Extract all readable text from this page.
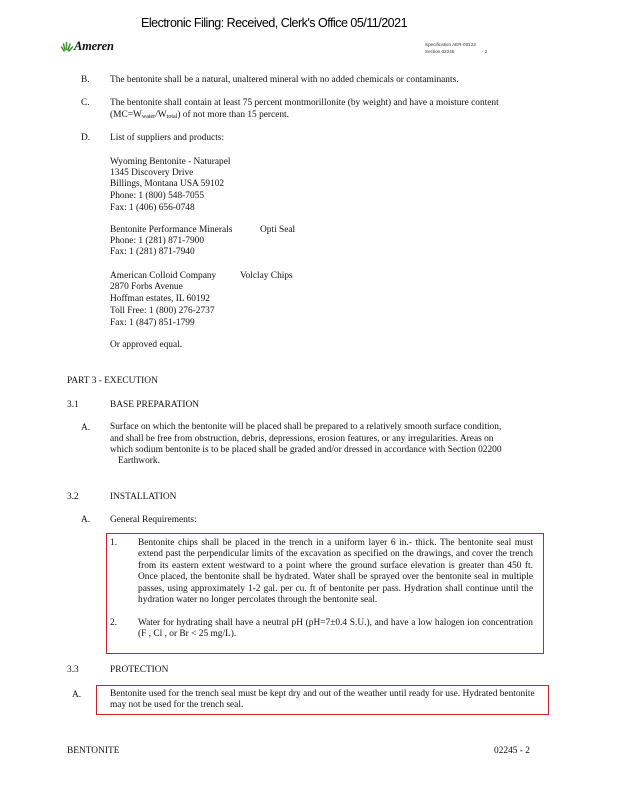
Electronic Filing: Received, Clerk's Office 05/11/2021
Ameren	Specification AER-00123
Section 02245	- 2
B. The bentonite shall be a natural, unaltered mineral with no added chemicals or contaminants.
C. The bentonite shall contain at least 75 percent montmorillonite (by weight) and have a moisture content
$(MC=W_{water}/W_{total})$ of not more than 15 percent.
D. List of suppliers and products:
Wyoming Bentonite - Naturapel
1345 Discovery Drive
Billings, Montana USA 59102
Phone: 1 (800) 548-7055
Fax: 1 (406) 656-0748
Bentonite Performance Minerals	Opti Seal
Phone: 1 (281) 871-7900
Fax: 1 (281) 871-7940
American Colloid Company	Volclay Chips
2870 Forbs Avenue
Hoffman estates, IL 60192
Toll Free: 1 (800) 276-2737
Fax: 1 (847) 851-1799
Or approved equal.
PART 3 - EXECUTION
3.1	BASE PREPARATION
A. Surface on which the bentonite will be placed shall be prepared to a relatively smooth surface condition,
and shall be free from obstruction, debris, depressions, erosion features, or any irregularities. Areas on
which sodium bentonite is to be placed shall be graded and/or dressed in accordance with Section 02200
Earthwork.
3.2	INSTALLATION
A. General Requirements:
1. Bentonite chips shall be placed in the trench in a uniform layer 6 in.- thick. The bentonite seal must extend past the perpendicular limits of the excavation as specified on the drawings, and cover the trench from its eastern extent westward to a point where the ground surface elevation is greater than 450 ft. Once placed, the bentonite shall be hydrated. Water shall be sprayed over the bentonite seal in multiple passes, using approximately 1-2 gal. per cu. ft of bentonite per pass. Hydration shall continue until the hydration water no longer percolates through the bentonite seal.
2. Water for hydrating shall have a neutral pH (pH=7±0.4 S.U.), and have a low halogen ion concentration (F , Cl , or Br < 25 mg/L).
3.3	PROTECTION
A.	Bentonite used for the trench seal must be kept dry and out of the weather until ready for use. Hydrated bentonite may not be used for the trench seal.
BENTONITE	02245 - 2
